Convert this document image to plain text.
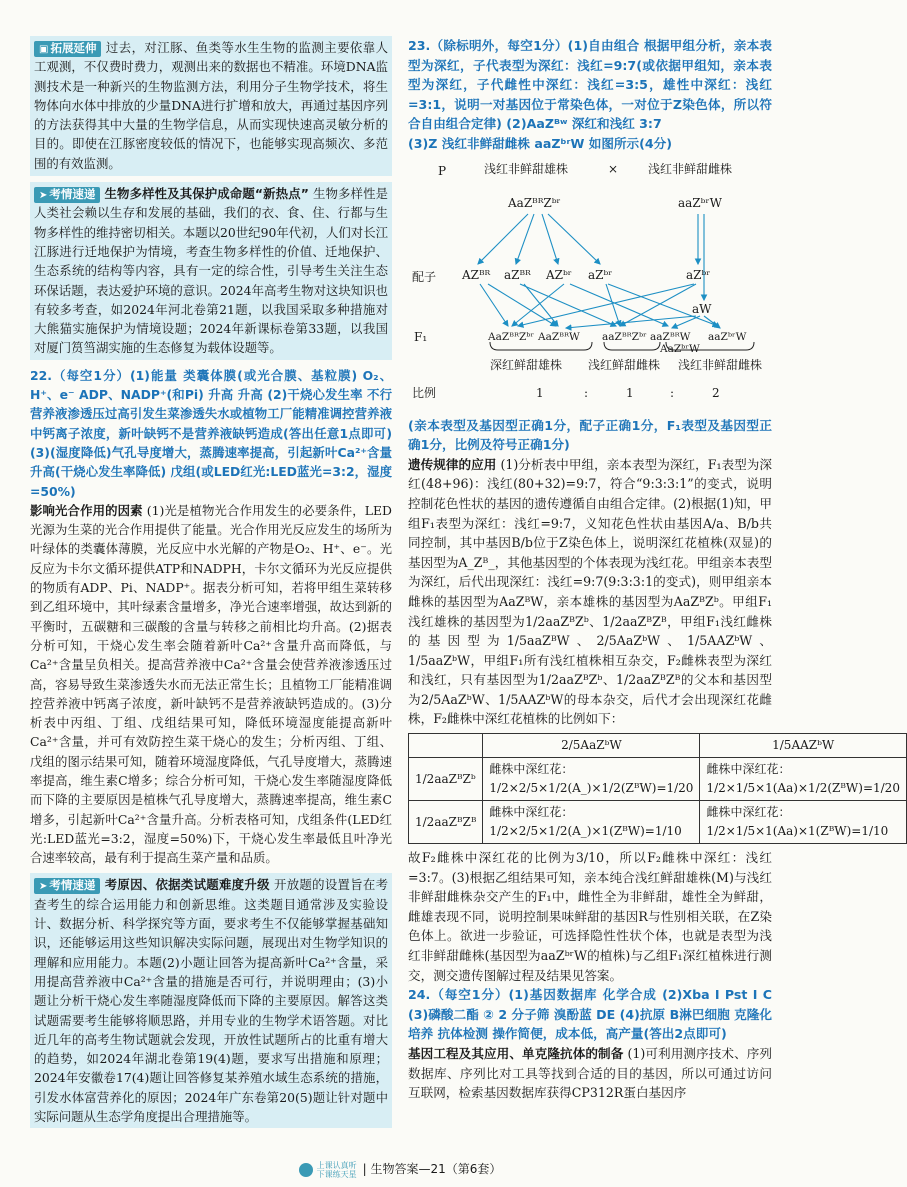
▣ 拓展延伸 过去，对江豚、鱼类等水生生物的监测主要依靠人工观测，不仅费时费力，观测出来的数据也不精准。环境DNA监测技术是一种新兴的生物监测方法，利用分子生物学技术，将生物体向水体中排放的少量DNA进行扩增和放大，再通过基因序列的方法获得其中大量的生物学信息，从而实现快速高灵敏分析的目的。即使在江豚密度较低的情况下，也能够实现高频次、多范围的有效监测。
➤ 考情速递 生物多样性及其保护成命题“新热点” 生物多样性是人类社会赖以生存和发展的基础，我们的衣、食、住、行都与生物多样性的维持密切相关。本题以20世纪90年代初，人们对长江江豚进行迁地保护为情境，考查生物多样性的价值、迁地保护、生态系统的结构等内容，具有一定的综合性，引导考生关注生态环保话题，表达爱护环境的意识。2024年高考生物对这块知识也有较多考查，如2024年河北卷第21题，以我国采取多种措施对大熊猫实施保护为情境设题；2024年新课标卷第33题，以我国对厦门筼筜湖实施的生态修复为载体设题等。

22.（每空1分）(1)能量 类囊体膜(或光合膜、基粒膜) O₂、H⁺、e⁻ ADP、NADP⁺(和Pi) 升高 升高 (2)干烧心发生率 不行 营养液渗透压过高引发生菜渗透失水或植物工厂能精准调控营养液中钙离子浓度，新叶缺钙不是营养液缺钙造成(答出任意1点即可) (3)(湿度降低)气孔导度增大，蒸腾速率提高，引起新叶Ca²⁺含量升高(干烧心发生率降低) 戊组(或LED红光:LED蓝光=3:2，湿度=50%)

影响光合作用的因素 (1)光是植物光合作用发生的必要条件，LED光源为生菜的光合作用提供了能量。光合作用光反应发生的场所为叶绿体的类囊体薄膜，光反应中水光解的产物是O₂、H⁺、e⁻。光反应为卡尔文循环提供ATP和NADPH，卡尔文循环为光反应提供的物质有ADP、Pi、NADP⁺。据表分析可知，若将甲组生菜转移到乙组环境中，其叶绿素含量增多，净光合速率增强，故达到新的平衡时，五碳糖和三碳酸的含量与转移之前相比均升高。(2)据表分析可知，干烧心发生率会随着新叶Ca²⁺含量升高而降低，与Ca²⁺含量呈负相关。提高营养液中Ca²⁺含量会使营养液渗透压过高，容易导致生菜渗透失水而无法正常生长；且植物工厂能精准调控营养液中钙离子浓度，新叶缺钙不是营养液缺钙造成的。(3)分析表中丙组、丁组、戊组结果可知，降低环境湿度能提高新叶Ca²⁺含量，并可有效防控生菜干烧心的发生；分析丙组、丁组、戊组的图示结果可知，随着环境湿度降低，气孔导度增大，蒸腾速率提高，维生素C增多；综合分析可知，干烧心发生率随湿度降低而下降的主要原因是植株气孔导度增大，蒸腾速率提高，维生素C增多，引起新叶Ca²⁺含量升高。分析表格可知，戊组条件(LED红光:LED蓝光=3:2，湿度=50%)下，干烧心发生率最低且叶净光合速率较高，最有利于提高生菜产量和品质。

➤ 考情速递 考原因、依据类试题难度升级 开放题的设置旨在考查考生的综合运用能力和创新思维。这类题目通常涉及实验设计、数据分析、科学探究等方面，要求考生不仅能够掌握基础知识，还能够运用这些知识解决实际问题，展现出对生物学知识的理解和应用能力。本题(2)小题让回答为提高新叶Ca²⁺含量，采用提高营养液中Ca²⁺含量的措施是否可行，并说明理由；(3)小题让分析干烧心发生率随湿度降低而下降的主要原因。解答这类试题需要考生能够将顺思路，并用专业的生物学术语答题。对比近几年的高考生物试题就会发现，开放性试题所占的比重有增大的趋势，如2024年湖北卷第19(4)题，要求写出措施和原理；2024年安徽卷17(4)题让回答修复某养殖水域生态系统的措施，引发水体富营养化的原因；2024年广东卷第20(5)题让针对题中实际问题从生态学角度提出合理措施等。

23.（除标明外，每空1分）(1)自由组合 根据甲组分析，亲本表型为深红，子代表型为深红：浅红=9:7(或依据甲组知，亲本表型为深红，子代雌性中深红：浅红=3:5，雄性中深红：浅红=3:1，说明一对基因位于常染色体，一对位于Z染色体，所以符合自由组合定律) (2)AaZᴮʷ 深红和浅红 3:7

(3)Z 浅红非鲜甜雌株 aaZᵇʳW 如图所示(4分)

P	浅红非鲜甜雄株	× 浅红非鲜甜雌株
AaZᴮᴿZᵇʳ	aaZᵇʳW
配子 AZᴮᴿ aZᴮᴿ AZᵇʳ aZᵇʳ	aZᵇʳ
aW
F₁	AaZᴮᴿZᵇʳ AaZᴮᴿW aaZᴮᴿZᵇʳ aaZᴮᴿW
AaZᵇʳW
aaZᵇʳW
深红鲜甜雄株 浅红鲜甜雌株 浅红非鲜甜雌株
比例	1	:	1	:	2

(亲本表型及基因型正确1分，配子正确1分，F₁表型及基因型正确1分，比例及符号正确1分)

遗传规律的应用 (1)分析表中甲组，亲本表型为深红，F₁表型为深红(48+96)：浅红(80+32)=9:7，符合“9:3:3:1”的变式，说明控制花色性状的基因的遗传遵循自由组合定律。(2)根据(1)知，甲组F₁表型为深红：浅红=9:7，义知花色性状由基因A/a、B/b共同控制，其中基因B/b位于Z染色体上，说明深红花植株(双显)的基因型为A_Zᴮ_，其他基因型的个体表现为浅红花。甲组亲本表型为深红，后代出现深红：浅红=9:7(9:3:3:1的变式)，则甲组亲本雌株的基因型为AaZᴮW，亲本雄株的基因型为AaZᴮZᵇ。甲组F₁浅红雄株的基因型为1/2aaZᴮZᵇ、1/2aaZᴮZᴮ，甲组F₁浅红雌株的基因型为1/5aaZᴮW、2/5AaZᵇW、1/5AAZᵇW、1/5aaZᵇW，甲组F₁所有浅红植株相互杂交，F₂雌株表型为深红和浅红，只有基因型为1/2aaZᴮZᵇ、1/2aaZᴮZᴮ的父本和基因型为2/5AaZᵇW、1/5AAZᵇW的母本杂交，后代才会出现深红花雌株，F₂雌株中深红花植株的比例如下：

	2/5AaZᵇW	1/5AAZᵇW
1/2aaZᴮZᵇ	雌株中深红花：1/2×2/5×1/2(A_)×1/2(ZᴮW)=1/20	雌株中深红花：1/2×1/5×1(Aa)×1/2(ZᴮW)=1/20
1/2aaZᴮZᴮ	雌株中深红花：1/2×2/5×1/2(A_)×1(ZᴮW)=1/10	雌株中深红花：1/2×1/5×1(Aa)×1(ZᴮW)=1/10

故F₂雌株中深红花的比例为3/10，所以F₂雌株中深红：浅红=3:7。(3)根据乙组结果可知，亲本纯合浅红鲜甜雄株(M)与浅红非鲜甜雌株杂交产生的F₁中，雌性全为非鲜甜，雄性全为鲜甜，雌雄表现不同，说明控制果味鲜甜的基因R与性别相关联，在Z染色体上。欲进一步验证，可选择隐性性状个体，也就是表型为浅红非鲜甜雌株(基因型为aaZᵇʳW的植株)与乙组F₁深红植株进行测交，测交遗传图解过程及结果见答案。

24.（每空1分）(1)基因数据库 化学合成 (2)Xba I Pst I C (3)磷酸二酯 ② 2 分子筛 溴酚蓝 DE (4)抗原 B淋巴细胞 克隆化培养 抗体检测 操作简便，成本低，高产量(答出2点即可)

基因工程及其应用、单克隆抗体的制备 (1)可利用测序技术、序列数据库、序列比对工具等找到合适的目的基因，所以可通过访问互联网，检索基因数据库获得CP312R蛋白基因序

上课认真听
下课练天星 | 生物答案—21（第6套）
